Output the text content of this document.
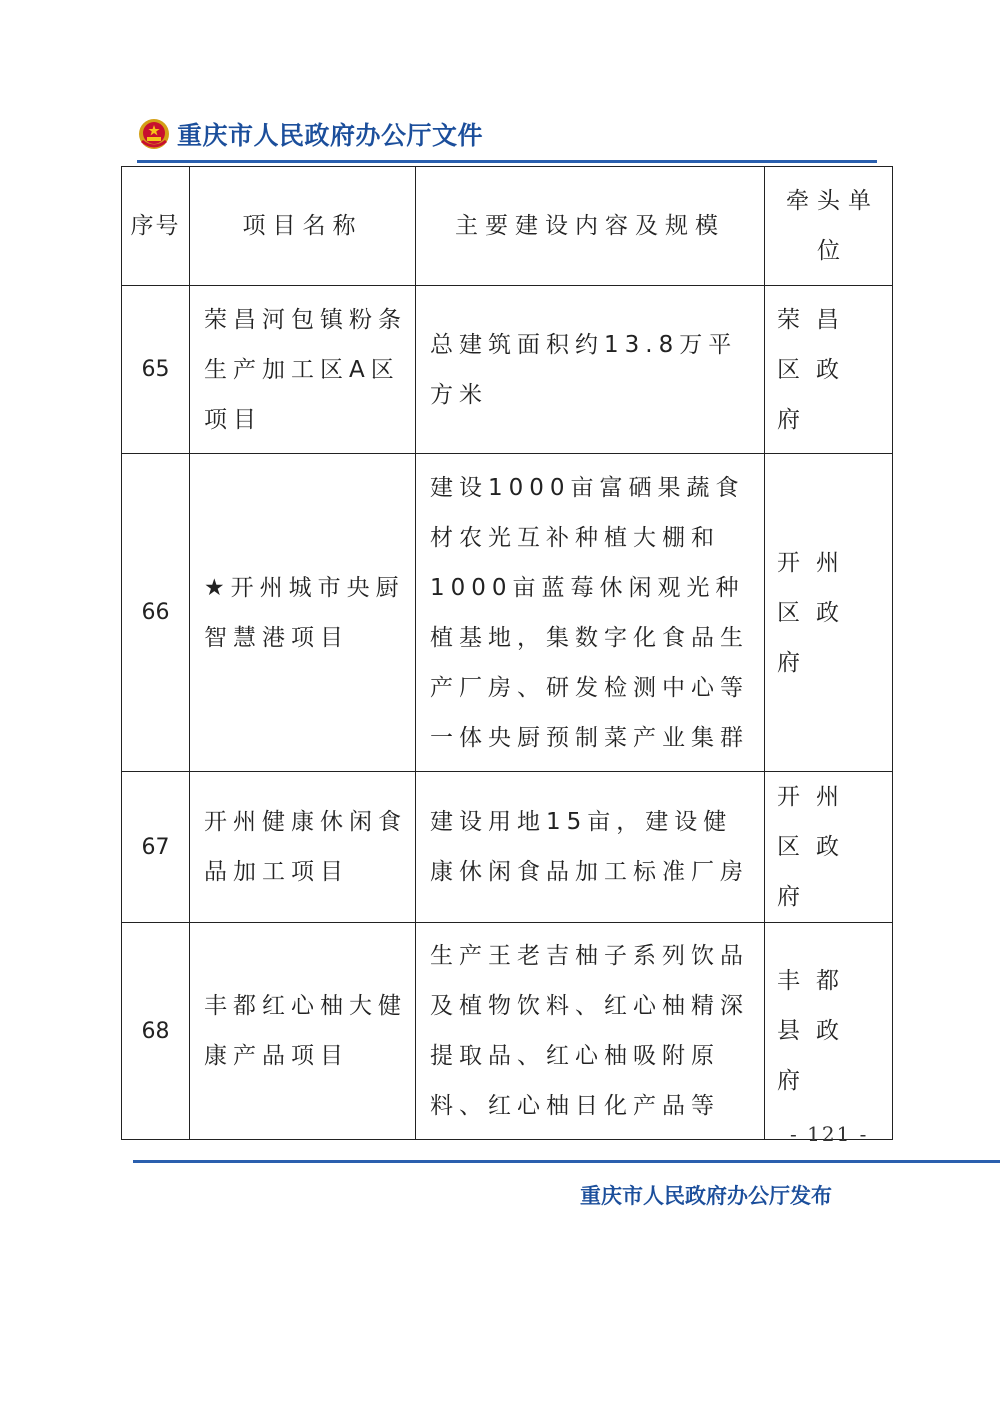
重庆市人民政府办公厅文件
序号	项目名称	主要建设内容及规模	牵头单位

65	荣昌河包镇粉条生产加工区A区项目	总建筑面积约13.8万平方米	荣昌区政府

66	★开州城市央厨智慧港项目	建设1000亩富硒果蔬食材农光互补种植大棚和1000亩蓝莓休闲观光种植基地，集数字化食品生产厂房、研发检测中心等一体央厨预制菜产业集群	开州区政府

67	开州健康休闲食品加工项目	建设用地15亩，建设健康休闲食品加工标准厂房	开州区政府

68	丰都红心柚大健康产品项目	生产王老吉柚子系列饮品及植物饮料、红心柚精深提取品、红心柚吸附原料、红心柚日化产品等	丰都县政府
- 121 -
重庆市人民政府办公厅发布
